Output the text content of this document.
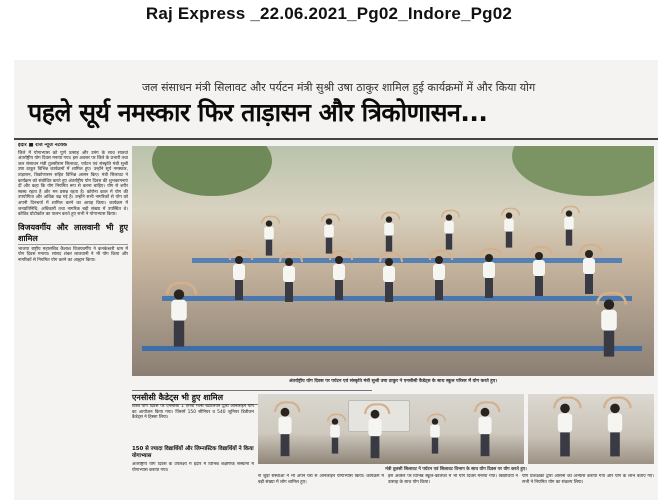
Raj Express _22.06.2021_Pg02_Indore_Pg02
जल संसाधन मंत्री सिलावट और पर्यटन मंत्री सुश्री उषा ठाकुर शामिल हुई कार्यक्रमों में और किया योग
पहले सूर्य नमस्कार फिर ताड़ासन और त्रिकोणासन...
इंदौर ■ राज न्यूज नेटवर्क
जिले में योगाभ्यास को पूर्ण उत्साह और उमंग के साथ सातवां अंतर्राष्ट्रीय योग दिवस मनाया गया। इस अवसर पर जिले के प्रभारी तथा जल संसाधन मंत्री तुलसीराम सिलावट, पर्यटन एवं संस्कृति मंत्री सुश्री उषा ठाकुर विभिन्न कार्यक्रमों में शामिल हुए। उन्होंने सूर्य नमस्कार, ताड़ासन, त्रिकोणासन सहित विभिन्न आसन किए। मंत्री सिलावट ने कार्यक्रम को संबोधित करते हुए अंतर्राष्ट्रीय योग दिवस की शुभकामनाएं दीं और कहा कि योग नियमित रूप से करना चाहिए। योग से शरीर स्वस्थ रहता है और मन प्रसन्न रहता है। कोरोना काल में योग की उपयोगिता और अधिक बढ़ गई है। उन्होंने सभी नागरिकों से योग को अपनी दिनचर्या में शामिल करने का आग्रह किया। कार्यक्रम में जनप्रतिनिधि, अधिकारी तथा नागरिक बड़ी संख्या में उपस्थित थे। कोविड प्रोटोकॉल का पालन करते हुए सभी ने योगाभ्यास किया।
विजयवर्गीय और लालवानी भी हुए शामिल
भाजपा राष्ट्रीय महासचिव कैलाश विजयवर्गीय ने कनकेश्वरी धाम में योग दिवस मनाया। सांसद शंकर लालवानी ने भी योग किया और नागरिकों से नियमित योग करने का आह्वान किया।
अंतर्राष्ट्रीय योग दिवस पर पर्यटन एवं संस्कृति मंत्री सुश्री उषा ठाकुर ने एनसीसी कैडेट्स के साथ स्कूल परिसर में योग करते हुए।
एनसीसी कैडेट्स भी हुए शामिल
विश्व योग दिवस पर एनसीसी 1 एमपी गर्ल्स बटालियन द्वारा ऑनलाइन योग का आयोजन किया गया। जिसमें 150 सीनियर व 540 जूनियर डिवीजन कैडेट्स ने हिस्सा लिया।
150 से ज्यादा विद्यार्थियों और जिम्नास्टिक विद्यार्थियों ने किया योगाभ्यास
अंतर्राष्ट्रीय योग दिवस के उपलक्ष्य में इंदौर में विभिन्न शैक्षणिक संस्थानों में योगाभ्यास कराया गया।	मंत्री तुलसी सिलावट ने पर्यटन एवं सिलावट विभाग के साथ योग दिवस पर योग करते हुए।
से जुड़ी संस्थाओं ने भी अपने घरों से ऑनलाइन योगाभ्यास किया। कार्यक्रम में बड़ी संख्या में लोग शामिल हुए।
इस अवसर पर विभिन्न स्कूल-कॉलेजों में भी योग दिवस मनाया गया। विद्यार्थियों ने उत्साह के साथ योग किया।
योग प्रशिक्षकों द्वारा आसनों का अभ्यास कराया गया और योग के लाभ बताए गए। सभी ने नियमित योग का संकल्प लिया।
